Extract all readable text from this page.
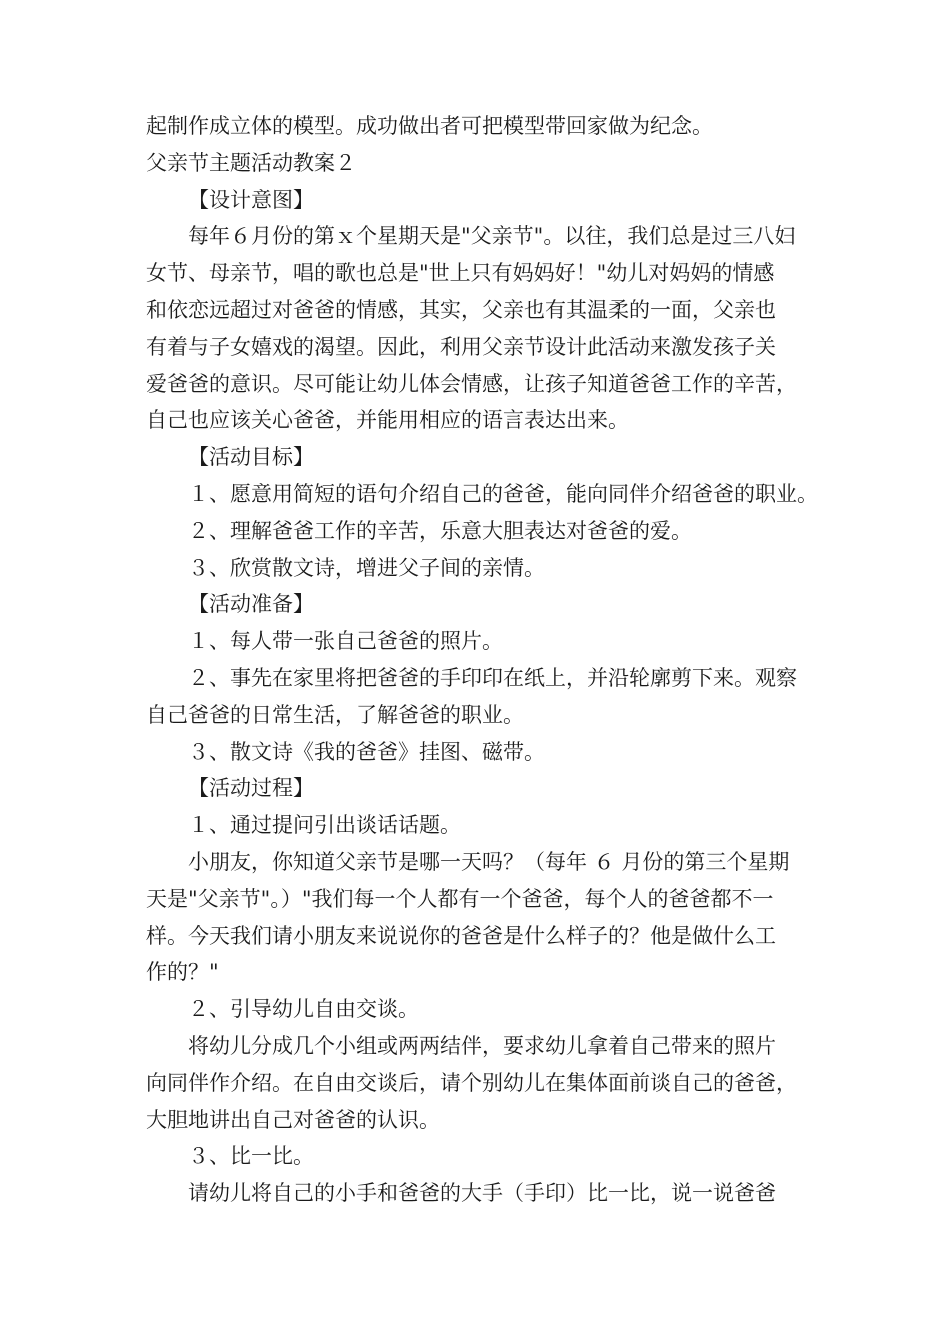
起制作成立体的模型。成功做出者可把模型带回家做为纪念。
父亲节主题活动教案２
【设计意图】
每年６月份的第ｘ个星期天是"父亲节"。以往，我们总是过三八妇
女节、母亲节，唱的歌也总是"世上只有妈妈好！"幼儿对妈妈的情感
和依恋远超过对爸爸的情感，其实，父亲也有其温柔的一面，父亲也
有着与子女嬉戏的渴望。因此，利用父亲节设计此活动来激发孩子关
爱爸爸的意识。尽可能让幼儿体会情感，让孩子知道爸爸工作的辛苦，
自己也应该关心爸爸，并能用相应的语言表达出来。
【活动目标】
１、愿意用简短的语句介绍自己的爸爸，能向同伴介绍爸爸的职业。
２、理解爸爸工作的辛苦，乐意大胆表达对爸爸的爱。
３、欣赏散文诗，增进父子间的亲情。
【活动准备】
１、每人带一张自己爸爸的照片。
２、事先在家里将把爸爸的手印印在纸上，并沿轮廓剪下来。观察
自己爸爸的日常生活，了解爸爸的职业。
３、散文诗《我的爸爸》挂图、磁带。
【活动过程】
１、通过提问引出谈话话题。
小朋友，你知道父亲节是哪一天吗？（每年 ６ 月份的第三个星期
天是"父亲节"。）"我们每一个人都有一个爸爸，每个人的爸爸都不一
样。今天我们请小朋友来说说你的爸爸是什么样子的？他是做什么工
作的？"
２、引导幼儿自由交谈。
将幼儿分成几个小组或两两结伴，要求幼儿拿着自己带来的照片
向同伴作介绍。在自由交谈后，请个别幼儿在集体面前谈自己的爸爸，
大胆地讲出自己对爸爸的认识。
３、比一比。
请幼儿将自己的小手和爸爸的大手（手印）比一比，说一说爸爸
